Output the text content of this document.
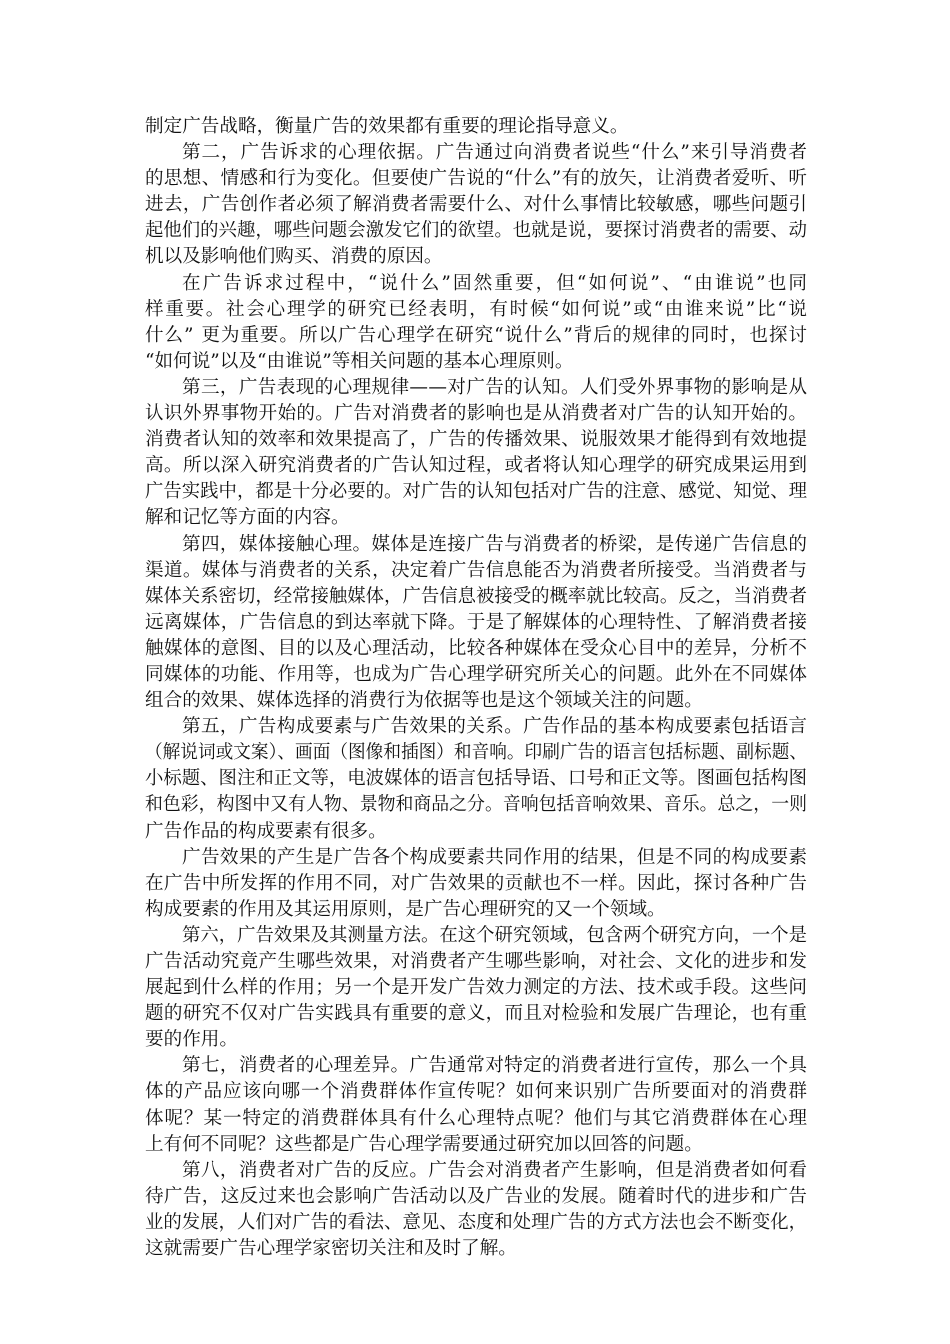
制定广告战略，衡量广告的效果都有重要的理论指导意义。
第二，广告诉求的心理依据。广告通过向消费者说些“什么”来引导消费者
的思想、情感和行为变化。但要使广告说的“什么”有的放矢，让消费者爱听、听
进去，广告创作者必须了解消费者需要什么、对什么事情比较敏感，哪些问题引
起他们的兴趣，哪些问题会激发它们的欲望。也就是说，要探讨消费者的需要、动
机以及影响他们购买、消费的原因。
在广告诉求过程中，“说什么”固然重要，但“如何说”、“由谁说”也同
样重要。社会心理学的研究已经表明，有时候“如何说”或“由谁来说”比“说
什么” 更为重要。所以广告心理学在研究“说什么”背后的规律的同时，也探讨
“如何说”以及“由谁说”等相关问题的基本心理原则。
第三，广告表现的心理规律——对广告的认知。人们受外界事物的影响是从
认识外界事物开始的。广告对消费者的影响也是从消费者对广告的认知开始的。
消费者认知的效率和效果提高了，广告的传播效果、说服效果才能得到有效地提
高。所以深入研究消费者的广告认知过程，或者将认知心理学的研究成果运用到
广告实践中，都是十分必要的。对广告的认知包括对广告的注意、感觉、知觉、理
解和记忆等方面的内容。
第四，媒体接触心理。媒体是连接广告与消费者的桥梁，是传递广告信息的
渠道。媒体与消费者的关系，决定着广告信息能否为消费者所接受。当消费者与
媒体关系密切，经常接触媒体，广告信息被接受的概率就比较高。反之，当消费者
远离媒体，广告信息的到达率就下降。于是了解媒体的心理特性、了解消费者接
触媒体的意图、目的以及心理活动，比较各种媒体在受众心目中的差异，分析不
同媒体的功能、作用等，也成为广告心理学研究所关心的问题。此外在不同媒体
组合的效果、媒体选择的消费行为依据等也是这个领域关注的问题。
第五，广告构成要素与广告效果的关系。广告作品的基本构成要素包括语言
（解说词或文案）、画面（图像和插图）和音响。印刷广告的语言包括标题、副标题、
小标题、图注和正文等，电波媒体的语言包括导语、口号和正文等。图画包括构图
和色彩，构图中又有人物、景物和商品之分。音响包括音响效果、音乐。总之，一则
广告作品的构成要素有很多。
广告效果的产生是广告各个构成要素共同作用的结果，但是不同的构成要素
在广告中所发挥的作用不同，对广告效果的贡献也不一样。因此，探讨各种广告
构成要素的作用及其运用原则，是广告心理研究的又一个领域。
第六，广告效果及其测量方法。在这个研究领域，包含两个研究方向，一个是
广告活动究竟产生哪些效果，对消费者产生哪些影响，对社会、文化的进步和发
展起到什么样的作用；另一个是开发广告效力测定的方法、技术或手段。这些问
题的研究不仅对广告实践具有重要的意义，而且对检验和发展广告理论，也有重
要的作用。
第七，消费者的心理差异。广告通常对特定的消费者进行宣传，那么一个具
体的产品应该向哪一个消费群体作宣传呢？如何来识别广告所要面对的消费群
体呢？某一特定的消费群体具有什么心理特点呢？他们与其它消费群体在心理
上有何不同呢？这些都是广告心理学需要通过研究加以回答的问题。
第八，消费者对广告的反应。广告会对消费者产生影响，但是消费者如何看
待广告，这反过来也会影响广告活动以及广告业的发展。随着时代的进步和广告
业的发展，人们对广告的看法、意见、态度和处理广告的方式方法也会不断变化，
这就需要广告心理学家密切关注和及时了解。
